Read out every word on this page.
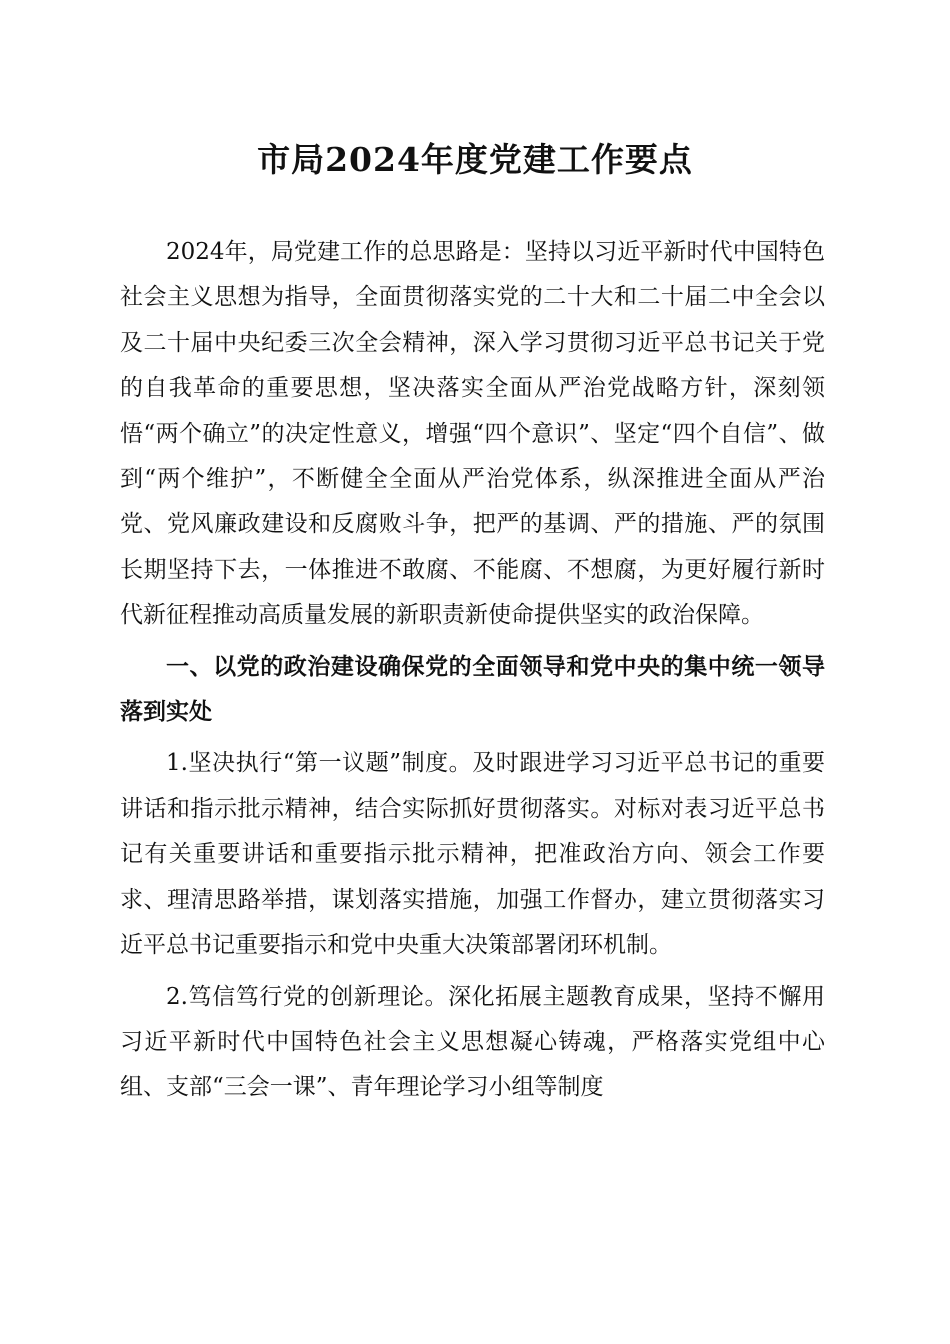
市局2024年度党建工作要点

2024年，局党建工作的总思路是：坚持以习近平新时代中国特色社会主义思想为指导，全面贯彻落实党的二十大和二十届二中全会以及二十届中央纪委三次全会精神，深入学习贯彻习近平总书记关于党的自我革命的重要思想，坚决落实全面从严治党战略方针，深刻领悟“两个确立”的决定性意义，增强“四个意识”、坚定“四个自信”、做到“两个维护”，不断健全全面从严治党体系，纵深推进全面从严治党、党风廉政建设和反腐败斗争，把严的基调、严的措施、严的氛围长期坚持下去，一体推进不敢腐、不能腐、不想腐，为更好履行新时代新征程推动高质量发展的新职责新使命提供坚实的政治保障。

一、以党的政治建设确保党的全面领导和党中央的集中统一领导落到实处

1.坚决执行“第一议题”制度。及时跟进学习习近平总书记的重要讲话和指示批示精神，结合实际抓好贯彻落实。对标对表习近平总书记有关重要讲话和重要指示批示精神，把准政治方向、领会工作要求、理清思路举措，谋划落实措施，加强工作督办，建立贯彻落实习近平总书记重要指示和党中央重大决策部署闭环机制。

2.笃信笃行党的创新理论。深化拓展主题教育成果，坚持不懈用习近平新时代中国特色社会主义思想凝心铸魂，严格落实党组中心组、支部“三会一课”、青年理论学习小组等制度
